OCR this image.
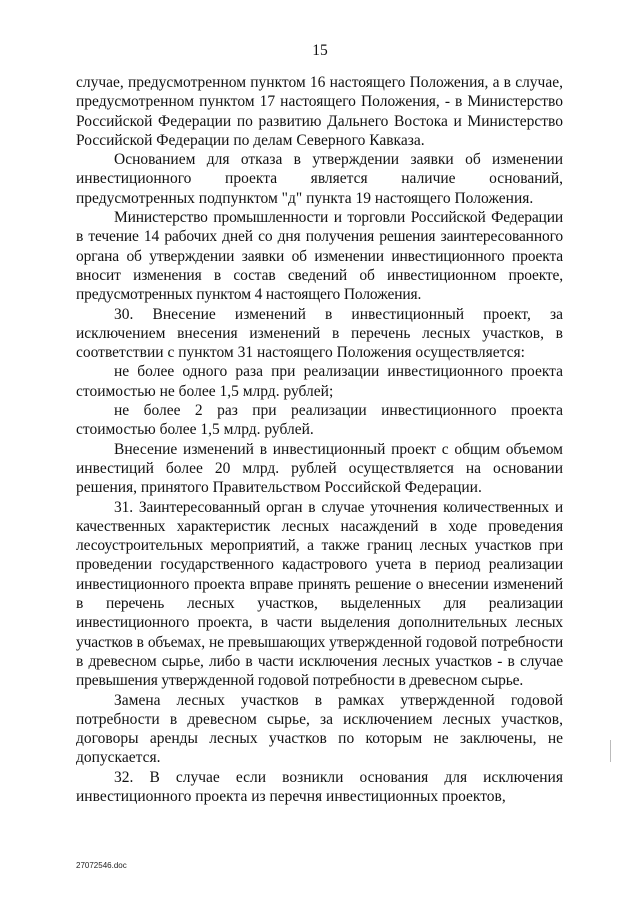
15

случае, предусмотренном пунктом 16 настоящего Положения, а в случае, предусмотренном пунктом 17 настоящего Положения, - в Министерство Российской Федерации по развитию Дальнего Востока и Министерство Российской Федерации по делам Северного Кавказа.

Основанием для отказа в утверждении заявки об изменении инвестиционного проекта является наличие оснований, предусмотренных подпунктом "д" пункта 19 настоящего Положения.

Министерство промышленности и торговли Российской Федерации в течение 14 рабочих дней со дня получения решения заинтересованного органа об утверждении заявки об изменении инвестиционного проекта вносит изменения в состав сведений об инвестиционном проекте, предусмотренных пунктом 4 настоящего Положения.

30. Внесение изменений в инвестиционный проект, за исключением внесения изменений в перечень лесных участков, в соответствии с пунктом 31 настоящего Положения осуществляется:

не более одного раза при реализации инвестиционного проекта стоимостью не более 1,5 млрд. рублей;

не более 2 раз при реализации инвестиционного проекта стоимостью более 1,5 млрд. рублей.

Внесение изменений в инвестиционный проект с общим объемом инвестиций более 20 млрд. рублей осуществляется на основании решения, принятого Правительством Российской Федерации.

31. Заинтересованный орган в случае уточнения количественных и качественных характеристик лесных насаждений в ходе проведения лесоустроительных мероприятий, а также границ лесных участков при проведении государственного кадастрового учета в период реализации инвестиционного проекта вправе принять решение о внесении изменений в перечень лесных участков, выделенных для реализации инвестиционного проекта, в части выделения дополнительных лесных участков в объемах, не превышающих утвержденной годовой потребности в древесном сырье, либо в части исключения лесных участков - в случае превышения утвержденной годовой потребности в древесном сырье.

Замена лесных участков в рамках утвержденной годовой потребности в древесном сырье, за исключением лесных участков, договоры аренды лесных участков по которым не заключены, не допускается.

32. В случае если возникли основания для исключения инвестиционного проекта из перечня инвестиционных проектов,

27072546.doc
